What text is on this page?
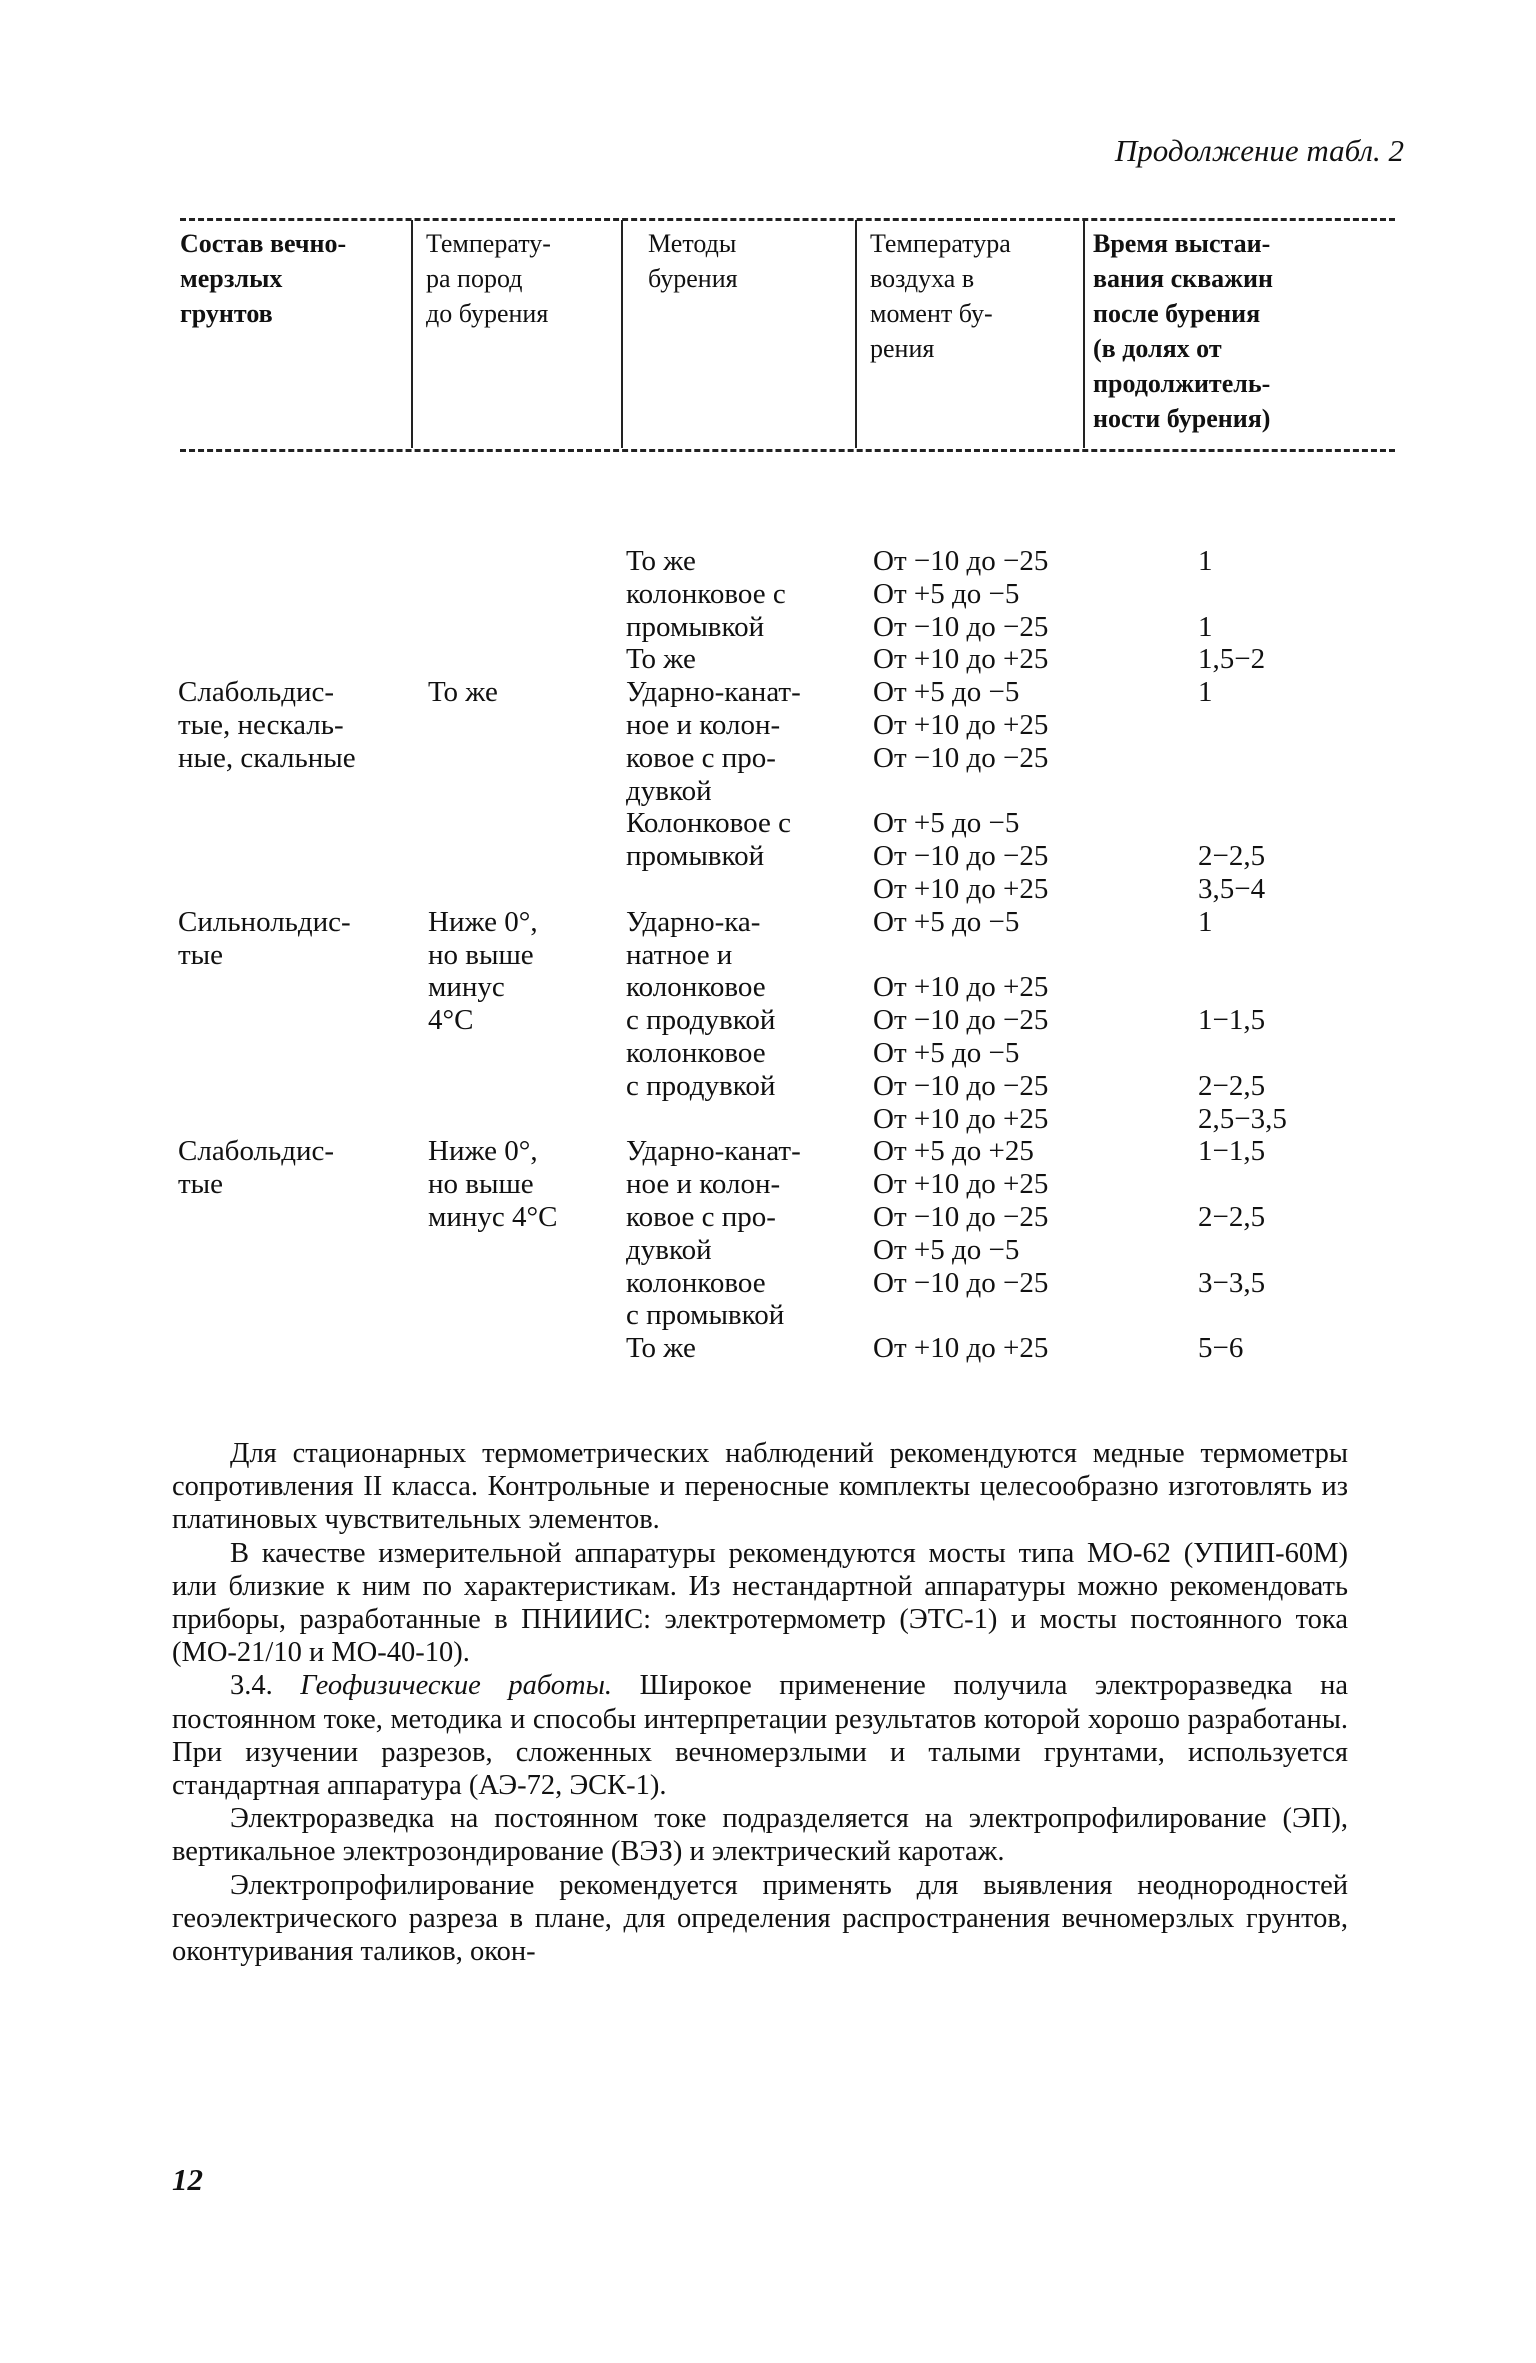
Продолжение табл. 2
Состав вечно-
мерзлых
грунтов
Температу-
ра пород
до бурения
Методы
бурения
Температура
воздуха в
момент бу-
рения
Время выстаи-
вания скважин
после бурения
(в долях от
продолжитель-
ности бурения)
Слабольдис-
тые, нескаль-
ные, скальные
Сильнольдис-
тые
Слабольдис-
тые
То же
Ниже 0°,
но выше
минус
4°С
Ниже 0°,
но выше
минус 4°С
То же
колонковое с
промывкой
То же
Ударно-канат-
ное и колон-
ковое с про-
дувкой
Колонковое с
промывкой
Ударно-ка-
натное и
колонковое
с продувкой
колонковое
с продувкой
Ударно-канат-
ное и колон-
ковое с про-
дувкой
колонковое
с промывкой
То же
От −10 до −25
От +5 до −5
От −10 до −25
От +10 до +25
От +5 до −5
От +10 до +25
От −10 до −25
От +5 до −5
От −10 до −25
От +10 до +25
От +5 до −5
От +10 до +25
От −10 до −25
От +5 до −5
От −10 до −25
От +10 до +25
От +5 до +25
От +10 до +25
От −10 до −25
От +5 до −5
От −10 до −25
От +10 до +25
1
1
1,5−2
1
2−2,5
3,5−4
1
1−1,5
2−2,5
2,5−3,5
1−1,5
2−2,5
3−3,5
5−6

Для стационарных термометрических наблюдений рекомендуются медные термометры сопротивления II класса. Контрольные и переносные комплекты целесообразно изготовлять из платиновых чувствительных элементов.

В качестве измерительной аппаратуры рекомендуются мосты типа МО-62 (УПИП-60М) или близкие к ним по характеристикам. Из нестандартной аппаратуры можно рекомендовать приборы, разработанные в ПНИИИС: электротермометр (ЭТС-1) и мосты постоянного тока (МО-21/10 и МО-40-10).

3.4. Геофизические работы. Широкое применение получила электроразведка на постоянном токе, методика и способы интерпретации результатов которой хорошо разработаны. При изучении разрезов, сложенных вечномерзлыми и талыми грунтами, используется стандартная аппаратура (АЭ-72, ЭСК-1).

Электроразведка на постоянном токе подразделяется на электропрофилирование (ЭП), вертикальное электрозондирование (ВЭЗ) и электрический каротаж.

Электропрофилирование рекомендуется применять для выявления неоднородностей геоэлектрического разреза в плане, для определения распространения вечномерзлых грунтов, оконтуривания таликов, окон-

12
